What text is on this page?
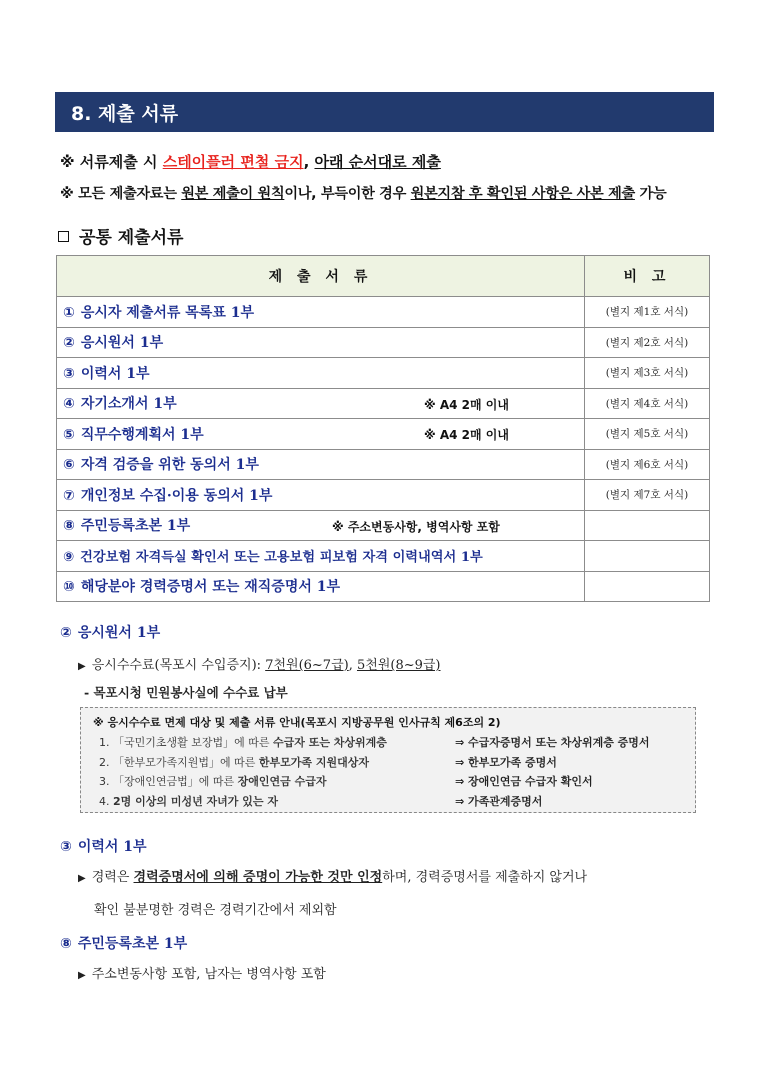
8. 제출 서류
※ 서류제출 시 스테이플러 편철 금지, 아래 순서대로 제출
※ 모든 제출자료는 원본 제출이 원칙이나, 부득이한 경우 원본지참 후 확인된 사항은 사본 제출 가능
공통 제출서류
제 출 서 류	비 고
① 응시자 제출서류 목록표 1부	(별지 제1호 서식)
② 응시원서 1부	(별지 제2호 서식)
③ 이력서 1부	(별지 제3호 서식)
④ 자기소개서 1부 ※ A4 2매 이내	(별지 제4호 서식)
⑤ 직무수행계획서 1부 ※ A4 2매 이내	(별지 제5호 서식)
⑥ 자격 검증을 위한 동의서 1부	(별지 제6호 서식)
⑦ 개인정보 수집·이용 동의서 1부	(별지 제7호 서식)
⑧ 주민등록초본 1부 ※ 주소변동사항, 병역사항 포함	

⑨ 건강보험 자격득실 확인서 또는 고용보험 피보험 자격 이력내역서 1부	
⑩ 해당분야 경력증명서 또는 재직증명서 1부	
② 응시원서 1부
▶ 응시수수료(목포시 수입증지): 7천원(6~7급), 5천원(8~9급)
- 목포시청 민원봉사실에 수수료 납부
※ 응시수수료 면제 대상 및 제출 서류 안내(목포시 지방공무원 인사규칙 제6조의 2)
1. 「국민기초생활 보장법」에 따른 수급자 또는 차상위계층	⇒ 수급자증명서 또는 차상위계층 증명서
2. 「한부모가족지원법」에 따른 한부모가족 지원대상자	⇒ 한부모가족 증명서
3. 「장애인연금법」에 따른 장애인연금 수급자	⇒ 장애인연금 수급자 확인서
4. 2명 이상의 미성년 자녀가 있는 자	⇒ 가족관계증명서
③ 이력서 1부
▶ 경력은 경력증명서에 의해 증명이 가능한 것만 인정하며, 경력증명서를 제출하지 않거나
확인 불분명한 경력은 경력기간에서 제외함
⑧ 주민등록초본 1부
▶ 주소변동사항 포함, 남자는 병역사항 포함
